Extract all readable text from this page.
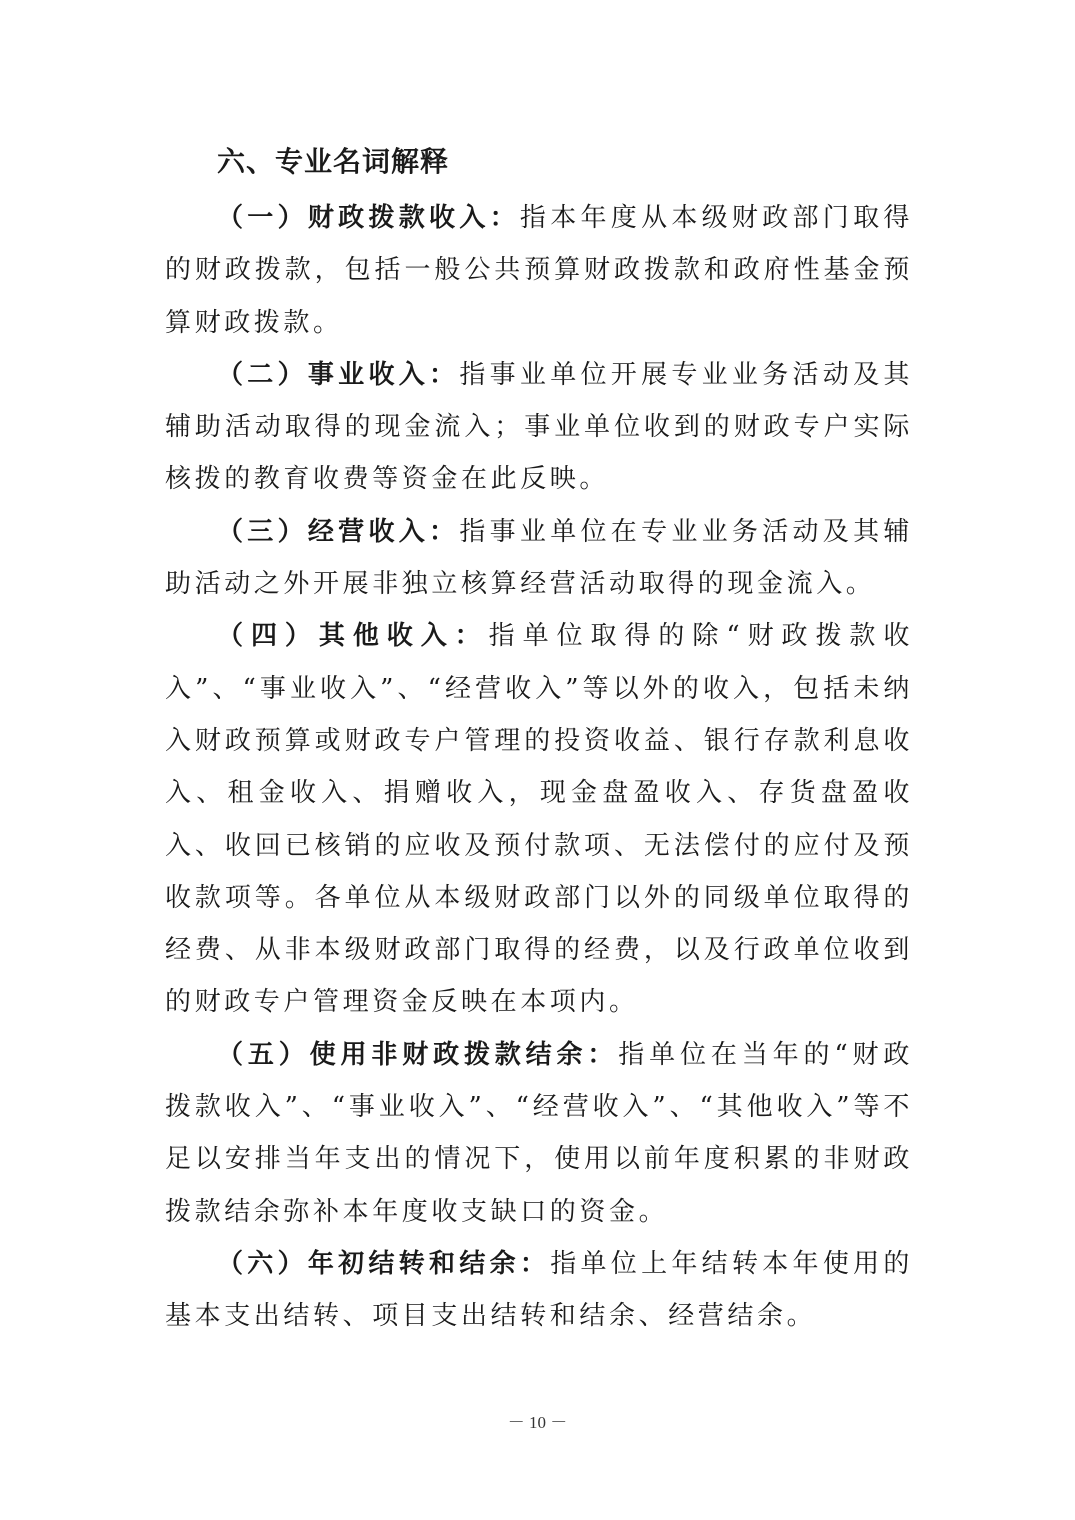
六、专业名词解释

（一）财政拨款收入：指本年度从本级财政部门取得的财政拨款，包括一般公共预算财政拨款和政府性基金预算财政拨款。

（二）事业收入：指事业单位开展专业业务活动及其辅助活动取得的现金流入；事业单位收到的财政专户实际核拨的教育收费等资金在此反映。

（三）经营收入：指事业单位在专业业务活动及其辅助活动之外开展非独立核算经营活动取得的现金流入。

（四）其他收入：指单位取得的除“财政拨款收入”、“事业收入”、“经营收入”等以外的收入，包括未纳入财政预算或财政专户管理的投资收益、银行存款利息收入、租金收入、捐赠收入，现金盘盈收入、存货盘盈收入、收回已核销的应收及预付款项、无法偿付的应付及预收款项等。各单位从本级财政部门以外的同级单位取得的经费、从非本级财政部门取得的经费，以及行政单位收到的财政专户管理资金反映在本项内。

（五）使用非财政拨款结余：指单位在当年的“财政拨款收入”、“事业收入”、“经营收入”、“其他收入”等不足以安排当年支出的情况下，使用以前年度积累的非财政拨款结余弥补本年度收支缺口的资金。

（六）年初结转和结余：指单位上年结转本年使用的基本支出结转、项目支出结转和结余、经营结余。

－ 10 －
